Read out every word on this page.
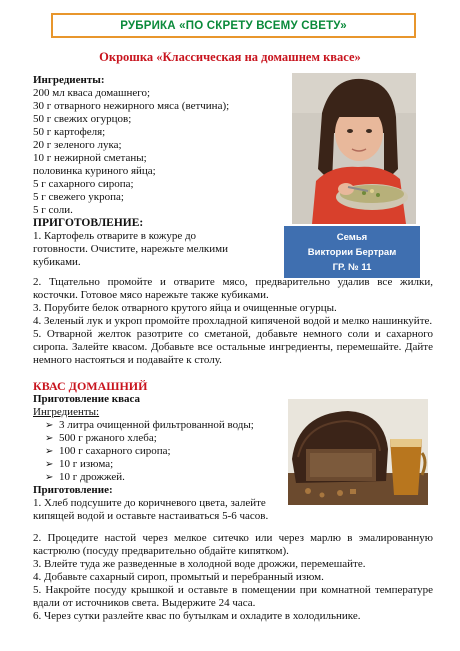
РУБРИКА «ПО СКРЕТУ ВСЕМУ СВЕТУ»
Окрошка «Классическая на домашнем квасе»
Ингредиенты:
200 мл кваса домашнего;
30 г отварного нежирного мяса (ветчина);
50 г свежих огурцов;
50 г картофеля;
20 г зеленого лука;
10 г нежирной сметаны;
половинка куриного яйца;
5 г сахарного сиропа;
5 г свежего укропа;
5 г соли.
ПРИГОТОВЛЕНИЕ:
1. Картофель отварите в кожуре до
готовности. Очистите, нарежьте мелкими
кубиками.
Семья
Виктории Бертрам
ГР. № 11
2. Тщательно промойте и отварите мясо, предварительно удалив все жилки, косточки. Готовое мясо нарежьте также кубиками.
3. Порубите белок отварного крутого яйца и очищенные огурцы.
4. Зеленый лук и укроп промойте прохладной кипяченой водой и мелко нашинкуйте.
5. Отварной желток разотрите со сметаной, добавьте немного соли и сахарного сиропа. Залейте квасом. Добавьте все остальные ингредиенты, перемешайте. Дайте немного настояться и подавайте к столу.
КВАС ДОМАШНИЙ
Приготовление кваса
Ингредиенты:
➢ 3 литра очищенной фильтрованной воды;
➢ 500 г ржаного хлеба;
➢ 100 г сахарного сиропа;
➢ 10 г изюма;
➢ 10 г дрожжей.
Приготовление:
1. Хлеб подсушите до коричневого цвета, залейте
кипящей водой и оставьте настаиваться 5-6 часов.
2. Процедите настой через мелкое ситечко или через марлю в эмалированную кастрюлю (посуду предварительно обдайте кипятком).
3. Влейте туда же разведенные в холодной воде дрожжи, перемешайте.
4. Добавьте сахарный сироп, промытый и перебранный изюм.
5. Накройте посуду крышкой и оставьте в помещении при комнатной температуре вдали от источников света. Выдержите 24 часа.
6. Через сутки разлейте квас по бутылкам и охладите в холодильнике.
